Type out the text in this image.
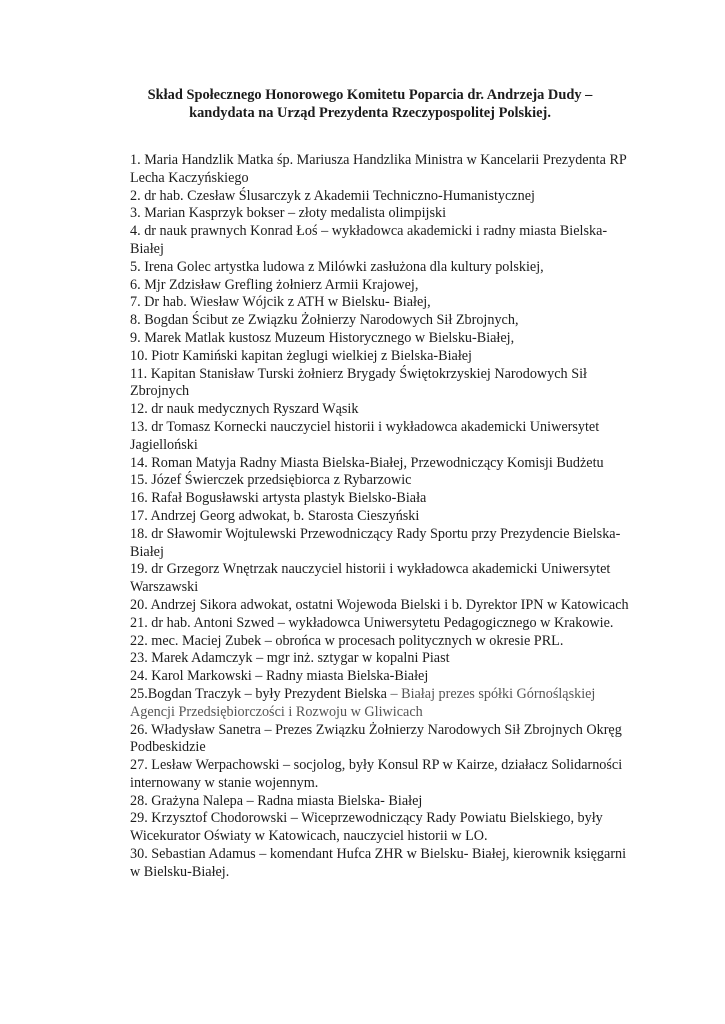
Skład Społecznego Honorowego Komitetu Poparcia dr. Andrzeja Dudy –
kandydata na Urząd Prezydenta Rzeczypospolitej Polskiej.
1. Maria Handzlik Matka śp. Mariusza Handzlika Ministra w Kancelarii Prezydenta RP Lecha Kaczyńskiego
2. dr hab. Czesław Ślusarczyk z Akademii Techniczno-Humanistycznej
3. Marian Kasprzyk bokser – złoty medalista olimpijski
4. dr nauk prawnych Konrad Łoś – wykładowca akademicki i radny miasta Bielska-Białej
5. Irena Golec artystka ludowa z Milówki zasłużona dla kultury polskiej,
6. Mjr Zdzisław Grefling żołnierz Armii Krajowej,
7. Dr hab. Wiesław Wójcik z ATH w Bielsku- Białej,
8. Bogdan Ścibut ze Związku Żołnierzy Narodowych Sił Zbrojnych,
9. Marek Matlak kustosz Muzeum Historycznego w Bielsku-Białej,
10. Piotr Kamiński kapitan żeglugi wielkiej z Bielska-Białej
11. Kapitan Stanisław Turski żołnierz Brygady Świętokrzyskiej Narodowych Sił Zbrojnych
12. dr nauk medycznych Ryszard Wąsik
13. dr Tomasz Kornecki nauczyciel historii i wykładowca akademicki Uniwersytet Jagielloński
14. Roman Matyja Radny Miasta Bielska-Białej, Przewodniczący Komisji Budżetu
15. Józef Świerczek przedsiębiorca z Rybarzowic
16. Rafał Bogusławski artysta plastyk Bielsko-Biała
17. Andrzej Georg adwokat, b. Starosta Cieszyński
18. dr Sławomir Wojtulewski Przewodniczący Rady Sportu przy Prezydencie Bielska-Białej
19. dr Grzegorz Wnętrzak nauczyciel historii i wykładowca akademicki Uniwersytet Warszawski
20. Andrzej Sikora adwokat, ostatni Wojewoda Bielski i b. Dyrektor IPN w Katowicach
21. dr hab. Antoni Szwed – wykładowca Uniwersytetu Pedagogicznego w Krakowie.
22. mec. Maciej Zubek – obrońca w procesach politycznych w okresie PRL.
23. Marek Adamczyk – mgr inż. sztygar w kopalni Piast
24. Karol Markowski – Radny miasta Bielska-Białej
25.Bogdan Traczyk – były Prezydent Bielska – Białaj prezes spółki Górnośląskiej Agencji Przedsiębiorczości i Rozwoju w Gliwicach
26. Władysław Sanetra – Prezes Związku Żołnierzy Narodowych Sił Zbrojnych Okręg Podbeskidzie
27. Lesław Werpachowski – socjolog, były Konsul RP w Kairze, działacz Solidarności internowany w stanie wojennym.
28. Grażyna Nalepa – Radna miasta Bielska- Białej
29. Krzysztof Chodorowski – Wiceprzewodniczący Rady Powiatu Bielskiego, były Wicekurator Oświaty w Katowicach, nauczyciel historii w LO.
30. Sebastian Adamus – komendant Hufca ZHR w Bielsku- Białej, kierownik księgarni w Bielsku-Białej.
